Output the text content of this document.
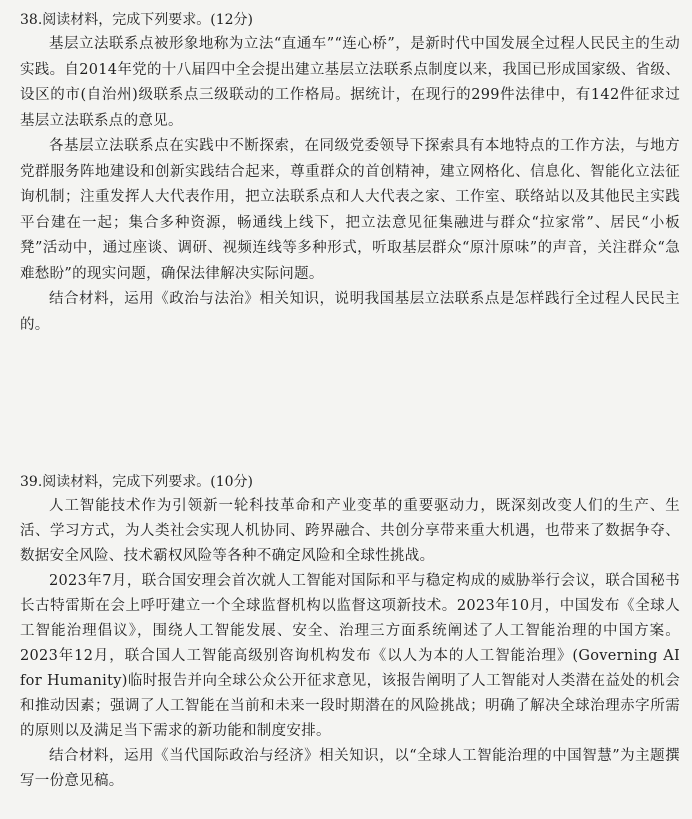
38.阅读材料，完成下列要求。(12分)

基层立法联系点被形象地称为立法“直通车”“连心桥”，是新时代中国发展全过程人民民主的生动实践。自2014年党的十八届四中全会提出建立基层立法联系点制度以来，我国已形成国家级、省级、设区的市(自治州)级联系点三级联动的工作格局。据统计，在现行的299件法律中，有142件征求过基层立法联系点的意见。

各基层立法联系点在实践中不断探索，在同级党委领导下探索具有本地特点的工作方法，与地方党群服务阵地建设和创新实践结合起来，尊重群众的首创精神，建立网格化、信息化、智能化立法征询机制；注重发挥人大代表作用，把立法联系点和人大代表之家、工作室、联络站以及其他民主实践平台建在一起；集合多种资源，畅通线上线下，把立法意见征集融进与群众“拉家常”、居民“小板凳”活动中，通过座谈、调研、视频连线等多种形式，听取基层群众“原汁原味”的声音，关注群众“急难愁盼”的现实问题，确保法律解决实际问题。

结合材料，运用《政治与法治》相关知识，说明我国基层立法联系点是怎样践行全过程人民民主的。

39.阅读材料，完成下列要求。(10分)

人工智能技术作为引领新一轮科技革命和产业变革的重要驱动力，既深刻改变人们的生产、生活、学习方式，为人类社会实现人机协同、跨界融合、共创分享带来重大机遇，也带来了数据争夺、数据安全风险、技术霸权风险等各种不确定风险和全球性挑战。

2023年7月，联合国安理会首次就人工智能对国际和平与稳定构成的威胁举行会议，联合国秘书长古特雷斯在会上呼吁建立一个全球监督机构以监督这项新技术。2023年10月，中国发布《全球人工智能治理倡议》，围绕人工智能发展、安全、治理三方面系统阐述了人工智能治理的中国方案。2023年12月，联合国人工智能高级别咨询机构发布《以人为本的人工智能治理》(Governing AI for Humanity)临时报告并向全球公众公开征求意见，该报告阐明了人工智能对人类潜在益处的机会和推动因素；强调了人工智能在当前和未来一段时期潜在的风险挑战；明确了解决全球治理赤字所需的原则以及满足当下需求的新功能和制度安排。

结合材料，运用《当代国际政治与经济》相关知识，以“全球人工智能治理的中国智慧”为主题撰写一份意见稿。
